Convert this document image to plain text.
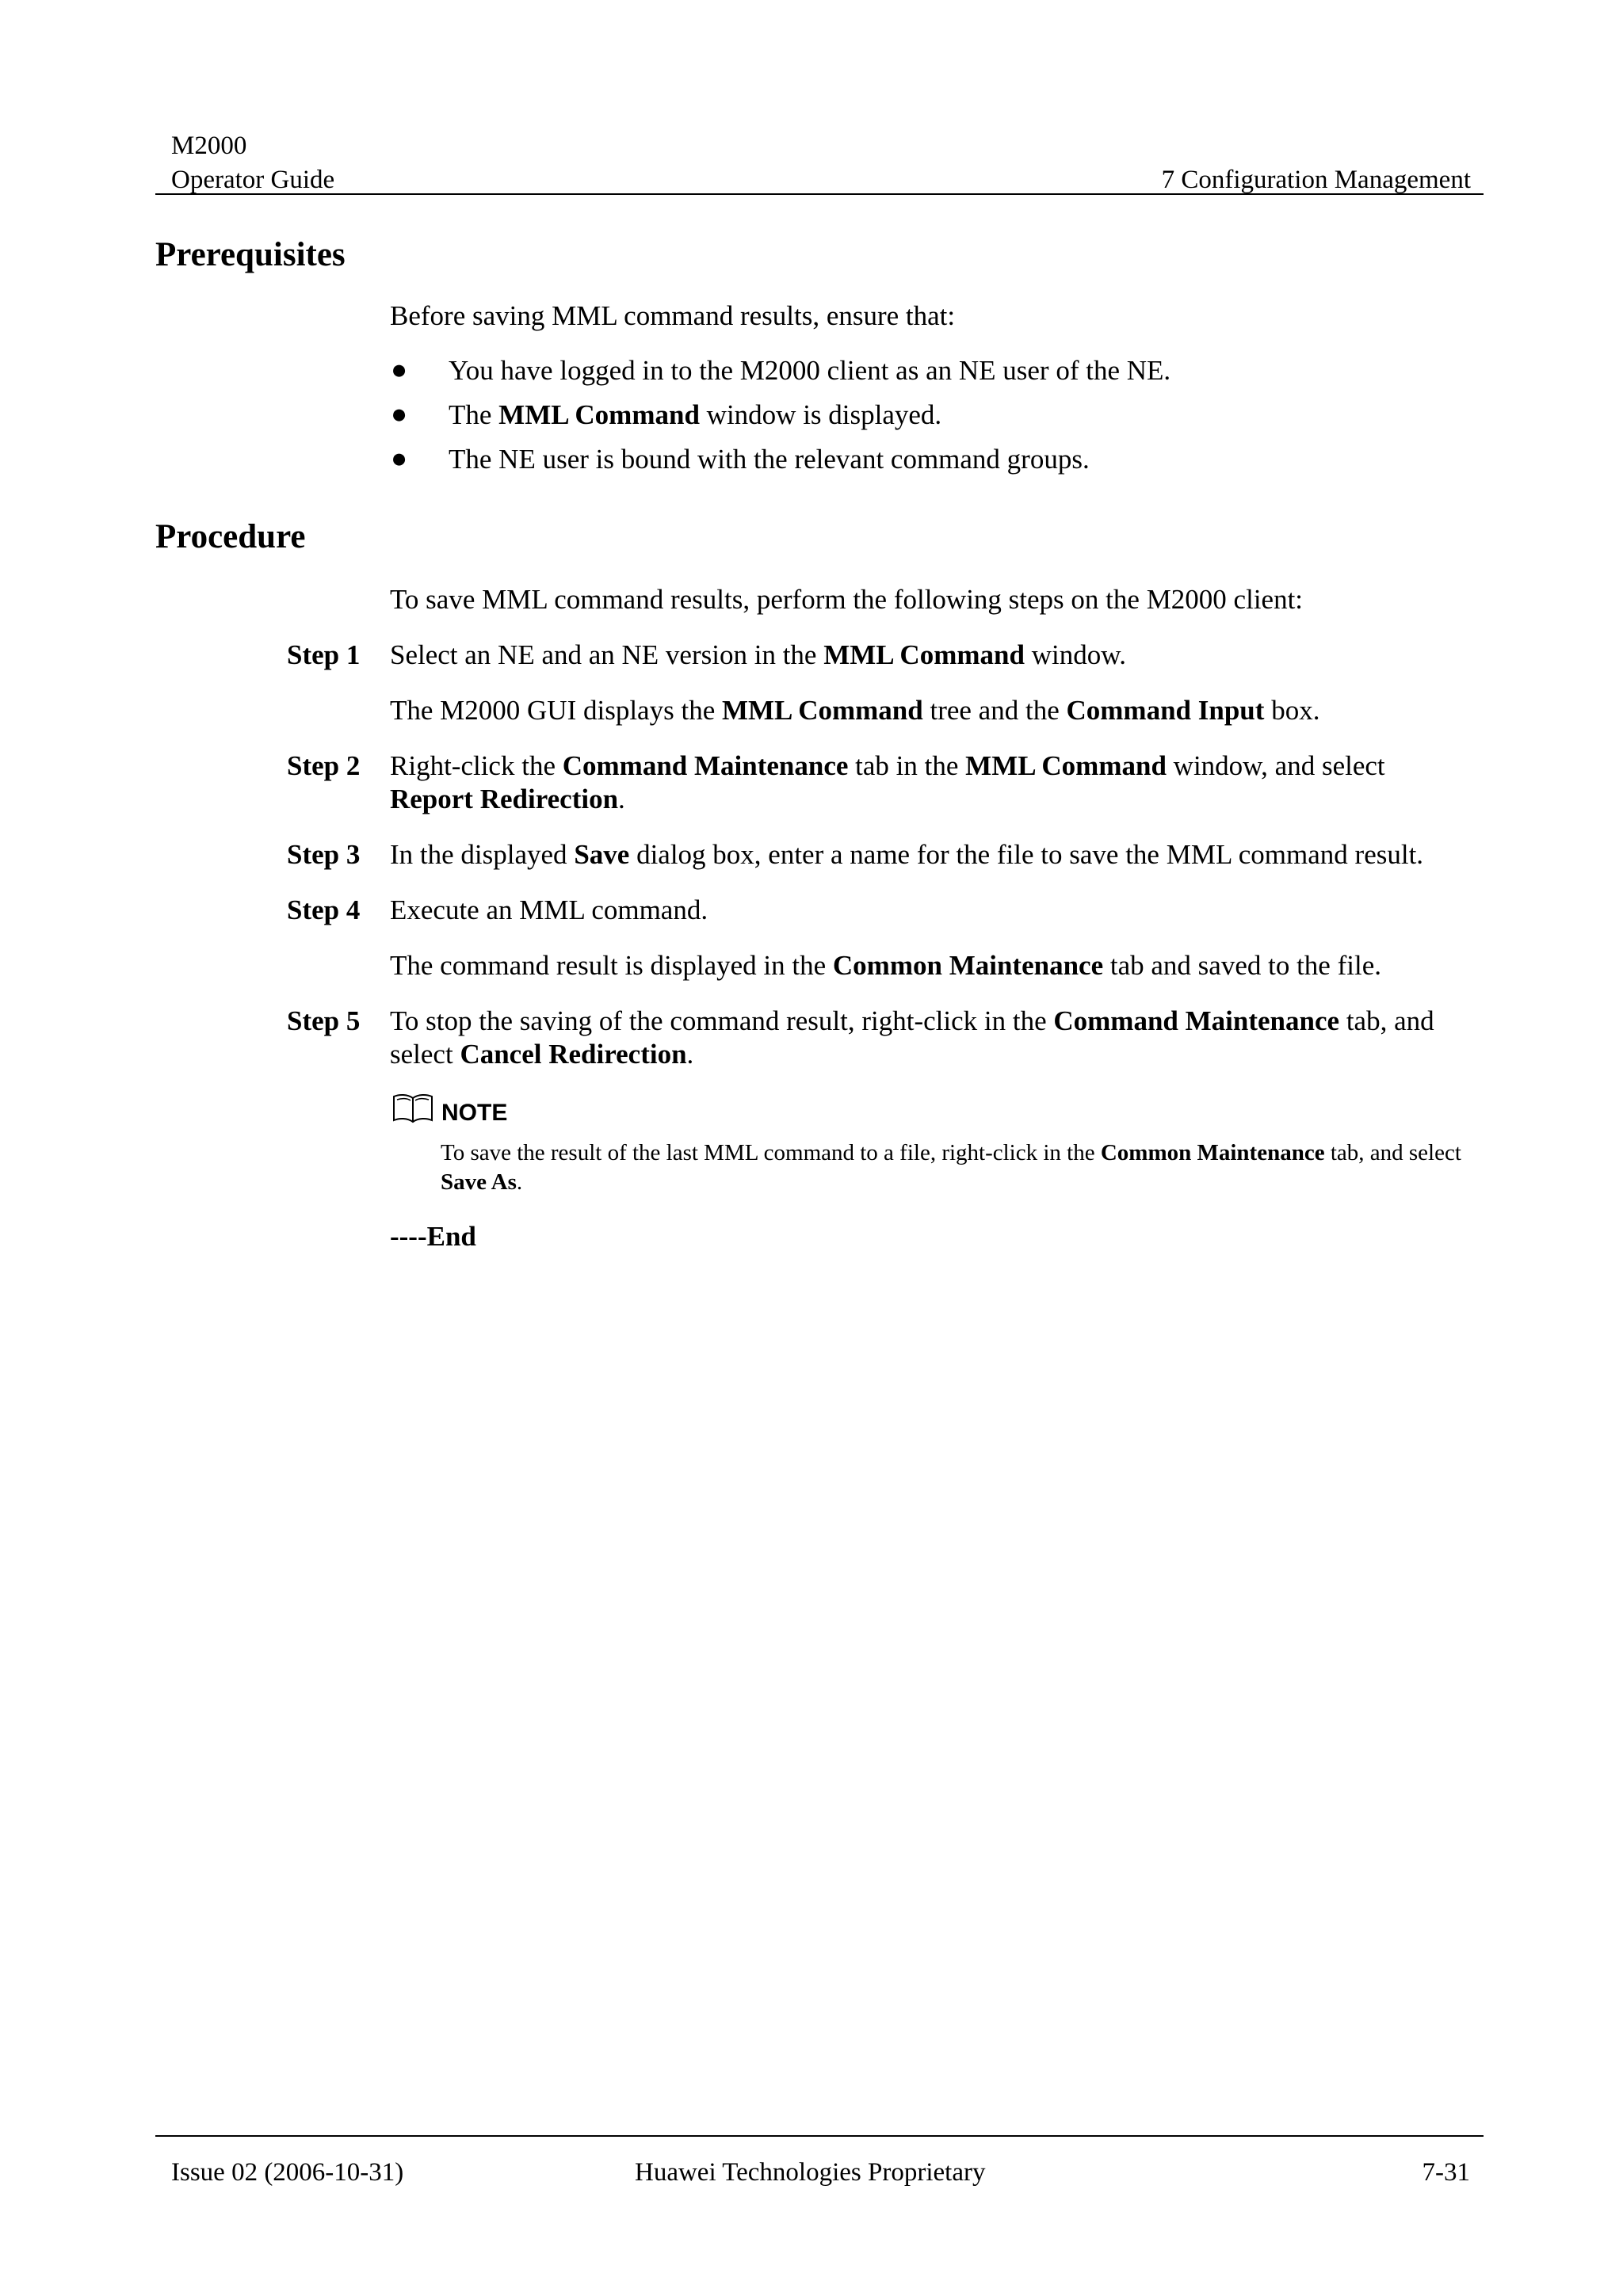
M2000
Operator Guide	7 Configuration Management
Prerequisites
Before saving MML command results, ensure that:
● You have logged in to the M2000 client as an NE user of the NE.
● The MML Command window is displayed.
● The NE user is bound with the relevant command groups.
Procedure
To save MML command results, perform the following steps on the M2000 client:
Step 1 Select an NE and an NE version in the MML Command window.
The M2000 GUI displays the MML Command tree and the Command Input box.
Step 2 Right-click the Command Maintenance tab in the MML Command window, and select
Report Redirection.
Step 3 In the displayed Save dialog box, enter a name for the file to save the MML command result.
Step 4 Execute an MML command.
The command result is displayed in the Common Maintenance tab and saved to the file.
Step 5 To stop the saving of the command result, right-click in the Command Maintenance tab, and
select Cancel Redirection.
NOTE
To save the result of the last MML command to a file, right-click in the Common Maintenance tab, and select Save As.
----End
Issue 02 (2006-10-31)	Huawei Technologies Proprietary	7-31
